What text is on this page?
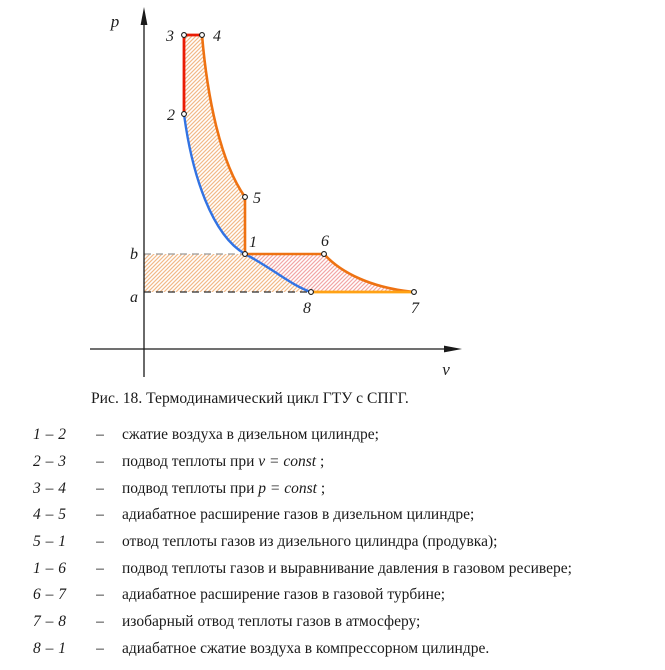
p
v
b
a
1
2
3 4
5
6
7
8
Рис. 18. Термодинамический цикл ГТУ с СПГГ.
1 – 2	–	сжатие воздуха в дизельном цилиндре;
2 – 3	–	подвод теплоты при v = const ;
3 – 4	–	подвод теплоты при p = const ;
4 – 5	–	адиабатное расширение газов в дизельном цилиндре;
5 – 1	–	отвод теплоты газов из дизельного цилиндра (продувка);
1 – 6	–	подвод теплоты газов и выравнивание давления в газовом ресивере;
6 – 7	–	адиабатное расширение газов в газовой турбине;
7 – 8	–	изобарный отвод теплоты газов в атмосферу;
8 – 1	–	адиабатное сжатие воздуха в компрессорном цилиндре.
